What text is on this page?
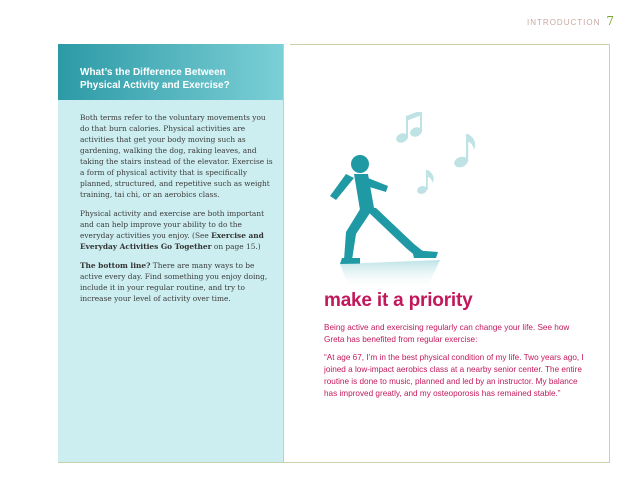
INTRODUCTION 7
What’s the Difference Between
Physical Activity and Exercise?

Both terms refer to the voluntary movements you do that burn calories. Physical activities are activities that get your body moving such as gardening, walking the dog, raking leaves, and taking the stairs instead of the elevator. Exercise is a form of physical activity that is specifically planned, structured, and repetitive such as weight training, tai chi, or an aerobics class.

Physical activity and exercise are both important and can help improve your ability to do the everyday activities you enjoy. (See Exercise and Everyday Activities Go Together on page 15.)

The bottom line? There are many ways to be active every day. Find something you enjoy doing, include it in your regular routine, and try to increase your level of activity over time.	make it a priority

Being active and exercising regularly can change your life. See how Greta has benefited from regular exercise:

“At age 67, I’m in the best physical condition of my life. Two years ago, I joined a low-impact aerobics class at a nearby senior center. The entire routine is done to music, planned and led by an instructor. My balance has improved greatly, and my osteoporosis has remained stable.”
